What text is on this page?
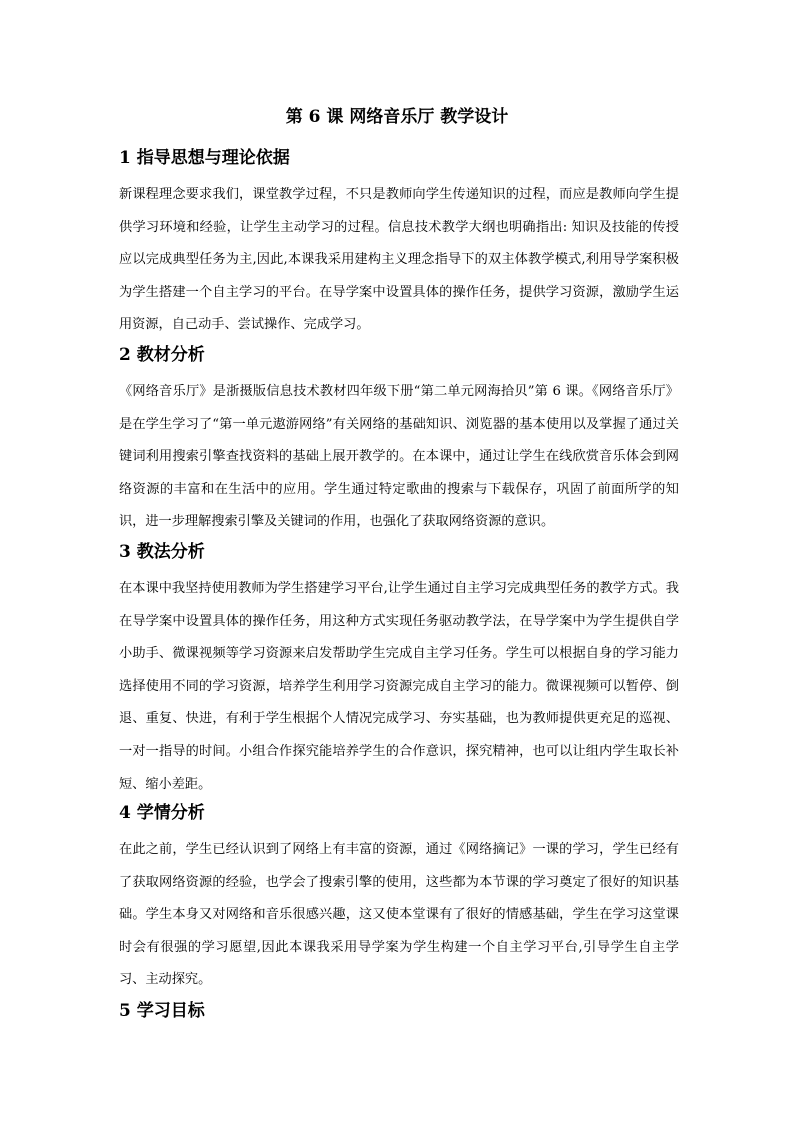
第 6 课 网络音乐厅 教学设计
1 指导思想与理论依据

新课程理念要求我们，课堂教学过程，不只是教师向学生传递知识的过程，而应是教师向学生提供学习环境和经验，让学生主动学习的过程。信息技术教学大纲也明确指出: 知识及技能的传授应以完成典型任务为主,因此,本课我采用建构主义理念指导下的双主体教学模式,利用导学案积极为学生搭建一个自主学习的平台。在导学案中设置具体的操作任务，提供学习资源，激励学生运用资源，自己动手、尝试操作、完成学习。

2 教材分析

《网络音乐厅》是浙摄版信息技术教材四年级下册“第二单元网海拾贝”第 6 课。《网络音乐厅》是在学生学习了“第一单元遨游网络”有关网络的基础知识、浏览器的基本使用以及掌握了通过关键词利用搜索引擎查找资料的基础上展开教学的。在本课中，通过让学生在线欣赏音乐体会到网络资源的丰富和在生活中的应用。学生通过特定歌曲的搜索与下载保存，巩固了前面所学的知识，进一步理解搜索引擎及关键词的作用，也强化了获取网络资源的意识。

3 教法分析

在本课中我坚持使用教师为学生搭建学习平台,让学生通过自主学习完成典型任务的教学方式。我在导学案中设置具体的操作任务，用这种方式实现任务驱动教学法，在导学案中为学生提供自学小助手、微课视频等学习资源来启发帮助学生完成自主学习任务。学生可以根据自身的学习能力选择使用不同的学习资源，培养学生利用学习资源完成自主学习的能力。微课视频可以暂停、倒退、重复、快进，有利于学生根据个人情况完成学习、夯实基础，也为教师提供更充足的巡视、一对一指导的时间。小组合作探究能培养学生的合作意识，探究精神，也可以让组内学生取长补短、缩小差距。

4 学情分析

在此之前，学生已经认识到了网络上有丰富的资源，通过《网络摘记》一课的学习，学生已经有了获取网络资源的经验，也学会了搜索引擎的使用，这些都为本节课的学习奠定了很好的知识基础。学生本身又对网络和音乐很感兴趣，这又使本堂课有了很好的情感基础，学生在学习这堂课时会有很强的学习愿望,因此本课我采用导学案为学生构建一个自主学习平台,引导学生自主学习、主动探究。

5 学习目标
